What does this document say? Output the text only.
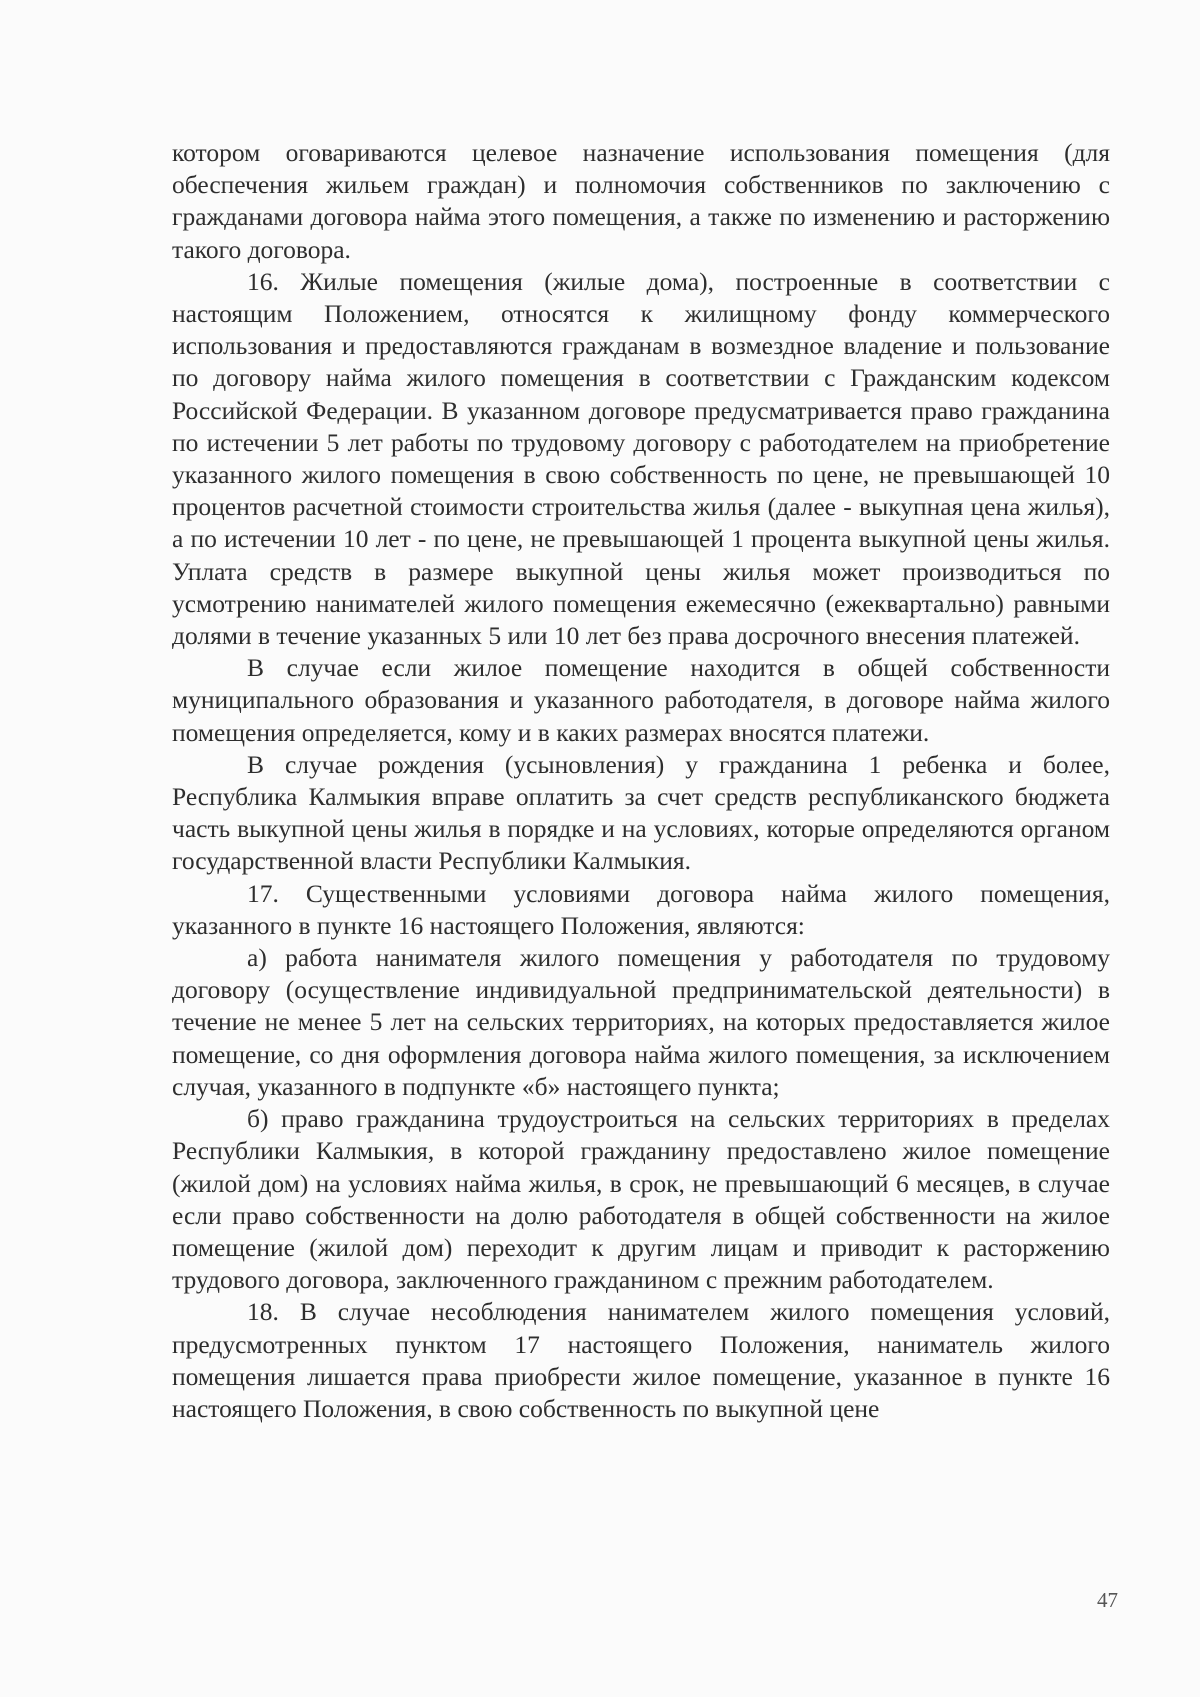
котором оговариваются целевое назначение использования помещения (для обеспечения жильем граждан) и полномочия собственников по заключению с гражданами договора найма этого помещения, а также по изменению и расторжению такого договора.

16. Жилые помещения (жилые дома), построенные в соответствии с настоящим Положением, относятся к жилищному фонду коммерческого использования и предоставляются гражданам в возмездное владение и пользование по договору найма жилого помещения в соответствии с Гражданским кодексом Российской Федерации. В указанном договоре предусматривается право гражданина по истечении 5 лет работы по трудовому договору с работодателем на приобретение указанного жилого помещения в свою собственность по цене, не превышающей 10 процентов расчетной стоимости строительства жилья (далее - выкупная цена жилья), а по истечении 10 лет - по цене, не превышающей 1 процента выкупной цены жилья. Уплата средств в размере выкупной цены жилья может производиться по усмотрению нанимателей жилого помещения ежемесячно (ежеквартально) равными долями в течение указанных 5 или 10 лет без права досрочного внесения платежей.

В случае если жилое помещение находится в общей собственности муниципального образования и указанного работодателя, в договоре найма жилого помещения определяется, кому и в каких размерах вносятся платежи.

В случае рождения (усыновления) у гражданина 1 ребенка и более, Республика Калмыкия вправе оплатить за счет средств республиканского бюджета часть выкупной цены жилья в порядке и на условиях, которые определяются органом государственной власти Республики Калмыкия.

17. Существенными условиями договора найма жилого помещения, указанного в пункте 16 настоящего Положения, являются:

а) работа нанимателя жилого помещения у работодателя по трудовому договору (осуществление индивидуальной предпринимательской деятельности) в течение не менее 5 лет на сельских территориях, на которых предоставляется жилое помещение, со дня оформления договора найма жилого помещения, за исключением случая, указанного в подпункте «б» настоящего пункта;

б) право гражданина трудоустроиться на сельских территориях в пределах Республики Калмыкия, в которой гражданину предоставлено жилое помещение (жилой дом) на условиях найма жилья, в срок, не превышающий 6 месяцев, в случае если право собственности на долю работодателя в общей собственности на жилое помещение (жилой дом) переходит к другим лицам и приводит к расторжению трудового договора, заключенного гражданином с прежним работодателем.

18. В случае несоблюдения нанимателем жилого помещения условий, предусмотренных пунктом 17 настоящего Положения, наниматель жилого помещения лишается права приобрести жилое помещение, указанное в пункте 16 настоящего Положения, в свою собственность по выкупной цене

47
